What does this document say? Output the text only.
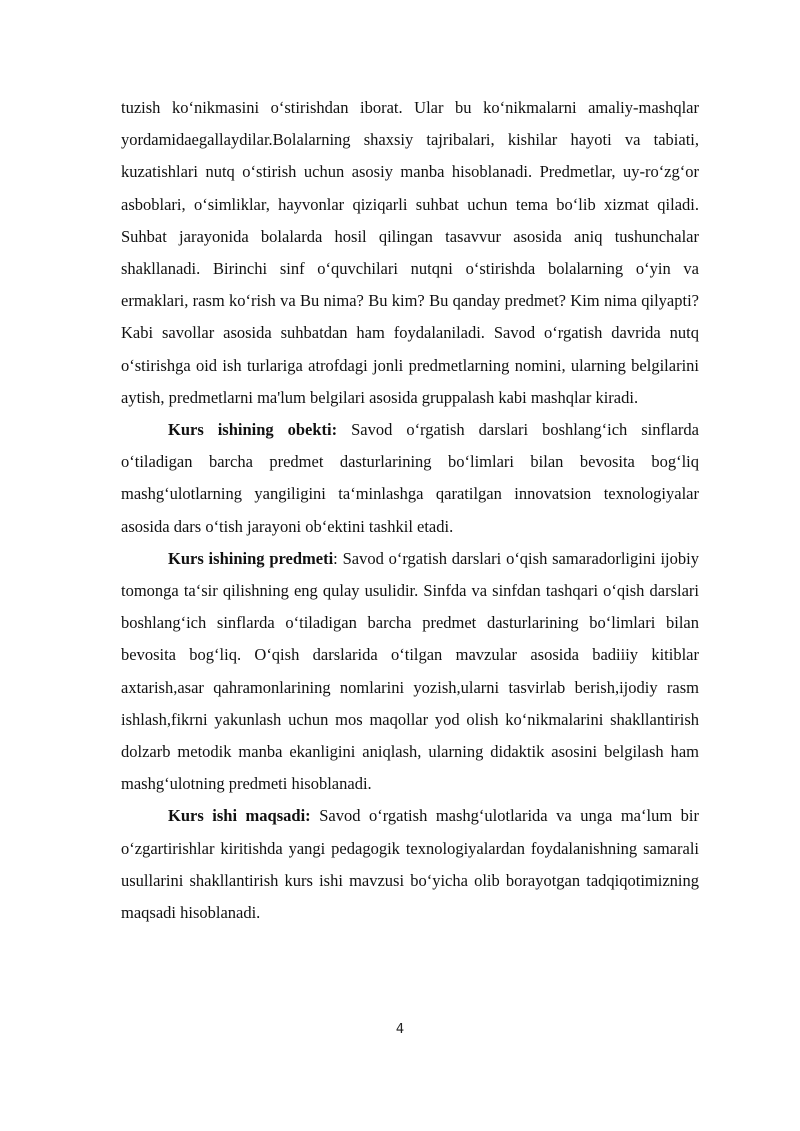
tuzish ko‘nikmasini o‘stirishdan iborat. Ular bu ko‘nikmalarni amaliy-mashqlar yordamidaegallaydilar.Bolalarning shaxsiy tajribalari, kishilar hayoti va tabiati, kuzatishlari nutq o‘stirish uchun asosiy manba hisoblanadi. Predmetlar, uy-ro‘zg‘or asboblari, o‘simliklar, hayvonlar qiziqarli suhbat uchun tema bo‘lib xizmat qiladi. Suhbat jarayonida bolalarda hosil qilingan tasavvur asosida aniq tushunchalar shakllanadi. Birinchi sinf o‘quvchilari nutqni o‘stirishda bolalarning o‘yin va ermaklari, rasm ko‘rish va Bu nima? Bu kim? Bu qanday predmet? Kim nima qilyapti? Kabi savollar asosida suhbatdan ham foydalaniladi. Savod o‘rgatish davrida nutq o‘stirishga oid ish turlariga atrofdagi jonli predmetlarning nomini, ularning belgilarini aytish, predmetlarni ma'lum belgilari asosida gruppalash kabi mashqlar kiradi.

Kurs ishining obekti: Savod o‘rgatish darslari boshlang‘ich sinflarda o‘tiladigan barcha predmet dasturlarining bo‘limlari bilan bevosita bog‘liq mashg‘ulotlarning yangiligini ta‘minlashga qaratilgan innovatsion texnologiyalar asosida dars o‘tish jarayoni ob‘ektini tashkil etadi.

Kurs ishining predmeti: Savod o‘rgatish darslari o‘qish samaradorligini ijobiy tomonga ta‘sir qilishning eng qulay usulidir. Sinfda va sinfdan tashqari o‘qish darslari boshlang‘ich sinflarda o‘tiladigan barcha predmet dasturlarining bo‘limlari bilan bevosita bog‘liq. O‘qish darslarida o‘tilgan mavzular asosida badiiiy kitiblar axtarish,asar qahramonlarining nomlarini yozish,ularni tasvirlab berish,ijodiy rasm ishlash,fikrni yakunlash uchun mos maqollar yod olish ko‘nikmalarini shakllantirish dolzarb metodik manba ekanligini aniqlash, ularning didaktik asosini belgilash ham mashg‘ulotning predmeti hisoblanadi.

Kurs ishi maqsadi: Savod o‘rgatish mashg‘ulotlarida va unga ma‘lum bir o‘zgartirishlar kiritishda yangi pedagogik texnologiyalardan foydalanishning samarali usullarini shakllantirish kurs ishi mavzusi bo‘yicha olib borayotgan tadqiqotimizning maqsadi hisoblanadi.

4
